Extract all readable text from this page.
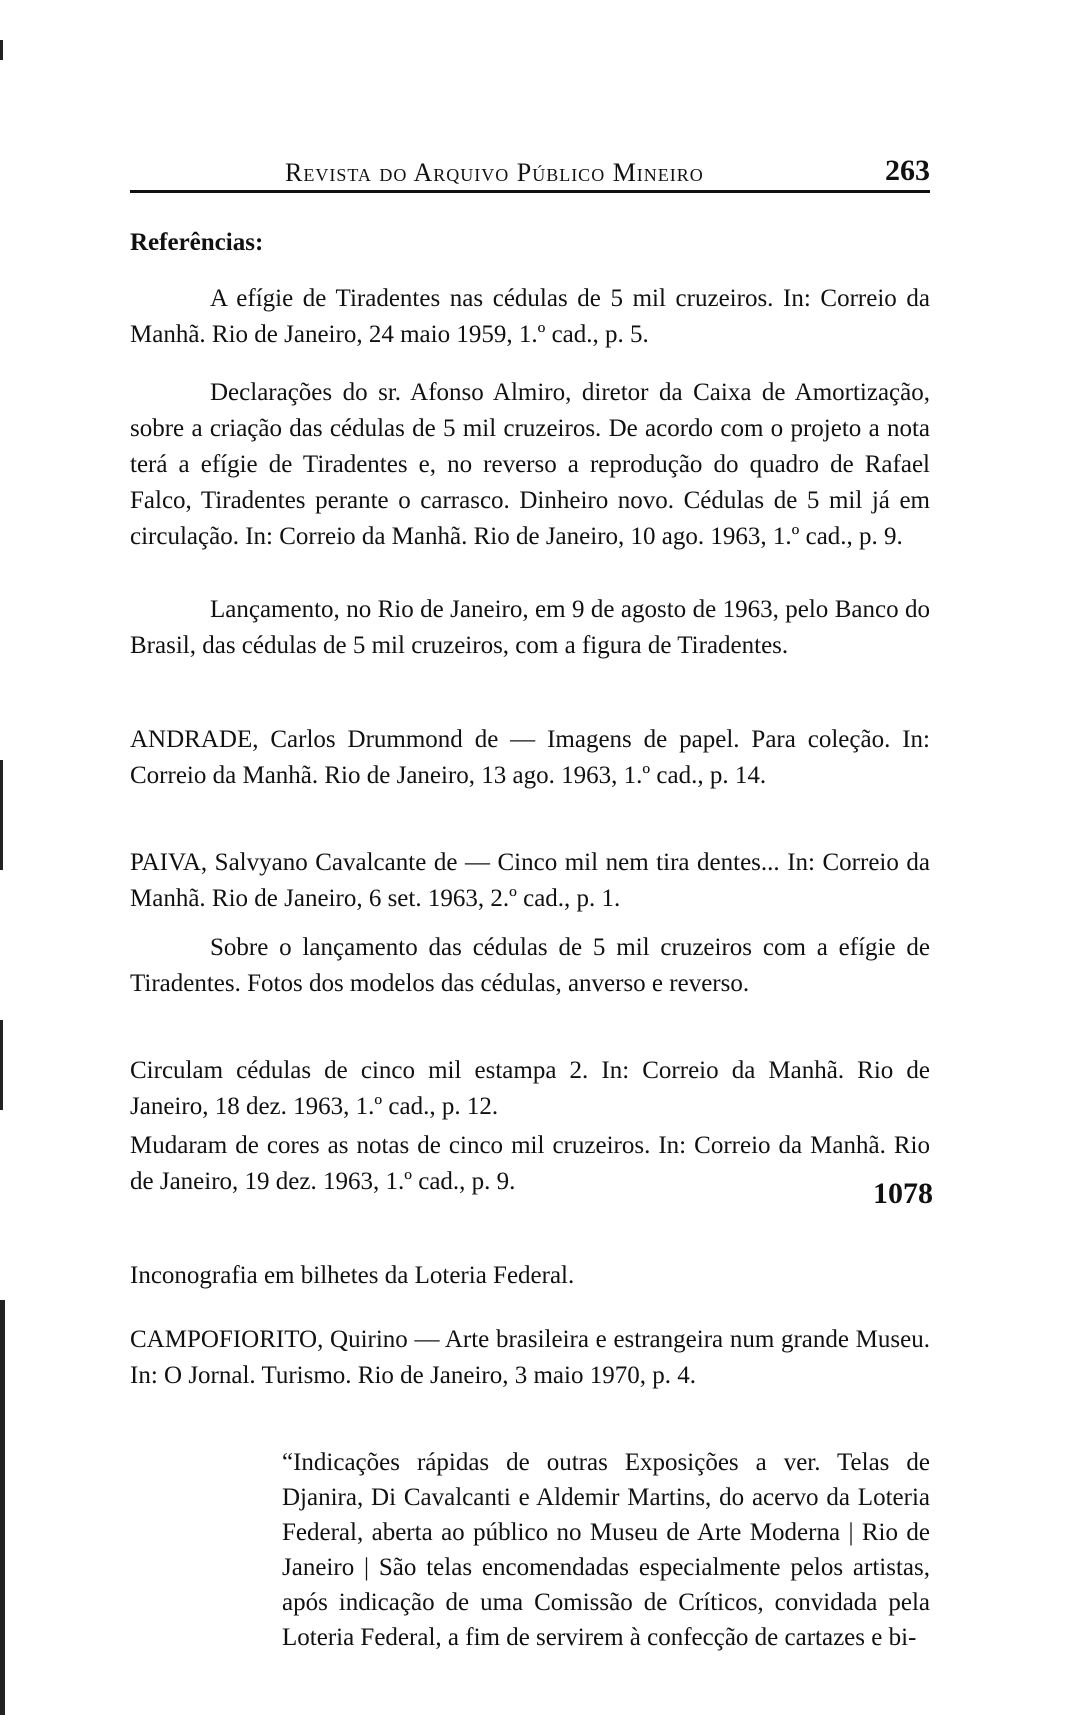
Revista do Arquivo Público Mineiro	263
Referências:
A efígie de Tiradentes nas cédulas de 5 mil cruzeiros. In: Correio da Manhã. Rio de Janeiro, 24 maio 1959, 1.º cad., p. 5.
Declarações do sr. Afonso Almiro, diretor da Caixa de Amortização, sobre a criação das cédulas de 5 mil cruzeiros. De acordo com o projeto a nota terá a efígie de Tiradentes e, no reverso a reprodução do quadro de Rafael Falco, Tiradentes perante o carrasco. Dinheiro novo. Cédulas de 5 mil já em circulação. In: Correio da Manhã. Rio de Janeiro, 10 ago. 1963, 1.º cad., p. 9.
Lançamento, no Rio de Janeiro, em 9 de agosto de 1963, pelo Banco do Brasil, das cédulas de 5 mil cruzeiros, com a figura de Tiradentes.
ANDRADE, Carlos Drummond de — Imagens de papel. Para coleção. In: Correio da Manhã. Rio de Janeiro, 13 ago. 1963, 1.º cad., p. 14.
PAIVA, Salvyano Cavalcante de — Cinco mil nem tira dentes... In: Correio da Manhã. Rio de Janeiro, 6 set. 1963, 2.º cad., p. 1.
Sobre o lançamento das cédulas de 5 mil cruzeiros com a efígie de Tiradentes. Fotos dos modelos das cédulas, anverso e reverso.
Circulam cédulas de cinco mil estampa 2. In: Correio da Manhã. Rio de Janeiro, 18 dez. 1963, 1.º cad., p. 12.
Mudaram de cores as notas de cinco mil cruzeiros. In: Correio da Manhã. Rio de Janeiro, 19 dez. 1963, 1.º cad., p. 9.	1078
Inconografia em bilhetes da Loteria Federal.
CAMPOFIORITO, Quirino — Arte brasileira e estrangeira num grande Museu. In: O Jornal. Turismo. Rio de Janeiro, 3 maio 1970, p. 4.
“Indicações rápidas de outras Exposições a ver. Telas de Djanira, Di Cavalcanti e Aldemir Martins, do acervo da Loteria Federal, aberta ao público no Museu de Arte Moderna | Rio de Janeiro | São telas encomendadas especialmente pelos artistas, após indicação de uma Comissão de Críticos, convidada pela Loteria Federal, a fim de servirem à confecção de cartazes e bi-
